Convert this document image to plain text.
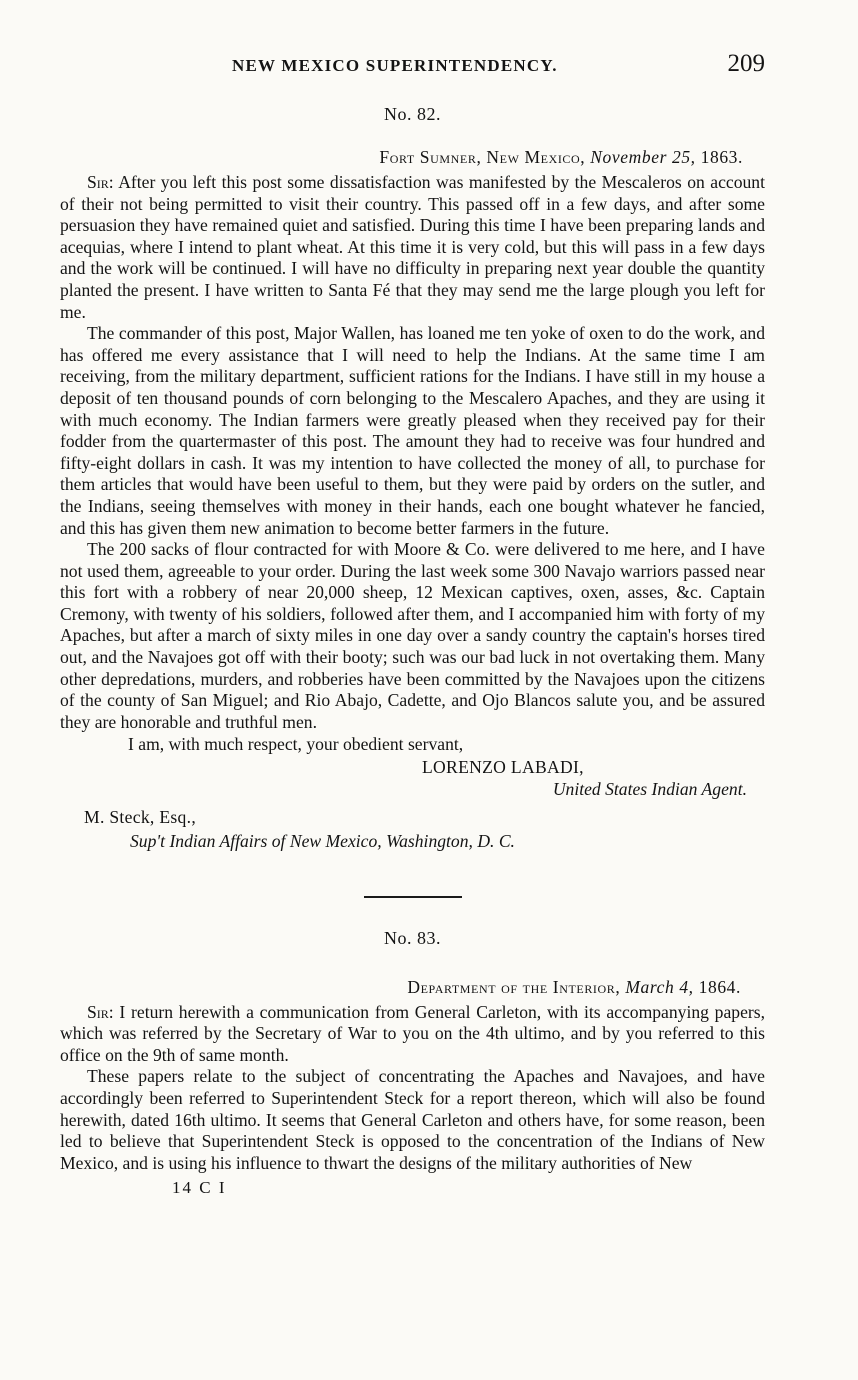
NEW MEXICO SUPERINTENDENCY.	209
No. 82.
Fort Sumner, New Mexico, November 25, 1863.

Sir: After you left this post some dissatisfaction was manifested by the Mescaleros on account of their not being permitted to visit their country. This passed off in a few days, and after some persuasion they have remained quiet and satisfied. During this time I have been preparing lands and acequias, where I intend to plant wheat. At this time it is very cold, but this will pass in a few days and the work will be continued. I will have no difficulty in preparing next year double the quantity planted the present. I have written to Santa Fé that they may send me the large plough you left for me.

The commander of this post, Major Wallen, has loaned me ten yoke of oxen to do the work, and has offered me every assistance that I will need to help the Indians. At the same time I am receiving, from the military department, sufficient rations for the Indians. I have still in my house a deposit of ten thousand pounds of corn belonging to the Mescalero Apaches, and they are using it with much economy. The Indian farmers were greatly pleased when they received pay for their fodder from the quartermaster of this post. The amount they had to receive was four hundred and fifty-eight dollars in cash. It was my intention to have collected the money of all, to purchase for them articles that would have been useful to them, but they were paid by orders on the sutler, and the Indians, seeing themselves with money in their hands, each one bought whatever he fancied, and this has given them new animation to become better farmers in the future.

The 200 sacks of flour contracted for with Moore & Co. were delivered to me here, and I have not used them, agreeable to your order. During the last week some 300 Navajo warriors passed near this fort with a robbery of near 20,000 sheep, 12 Mexican captives, oxen, asses, &c. Captain Cremony, with twenty of his soldiers, followed after them, and I accompanied him with forty of my Apaches, but after a march of sixty miles in one day over a sandy country the captain's horses tired out, and the Navajoes got off with their booty; such was our bad luck in not overtaking them. Many other depredations, murders, and robberies have been committed by the Navajoes upon the citizens of the county of San Miguel; and Rio Abajo, Cadette, and Ojo Blancos salute you, and be assured they are honorable and truthful men.

I am, with much respect, your obedient servant,
LORENZO LABADI,
United States Indian Agent.
M. Steck, Esq.,
Sup't Indian Affairs of New Mexico, Washington, D. C.
No. 83.
Department of the Interior, March 4, 1864.

Sir: I return herewith a communication from General Carleton, with its accompanying papers, which was referred by the Secretary of War to you on the 4th ultimo, and by you referred to this office on the 9th of same month.

These papers relate to the subject of concentrating the Apaches and Navajoes, and have accordingly been referred to Superintendent Steck for a report thereon, which will also be found herewith, dated 16th ultimo. It seems that General Carleton and others have, for some reason, been led to believe that Superintendent Steck is opposed to the concentration of the Indians of New Mexico, and is using his influence to thwart the designs of the military authorities of New

14 C I
